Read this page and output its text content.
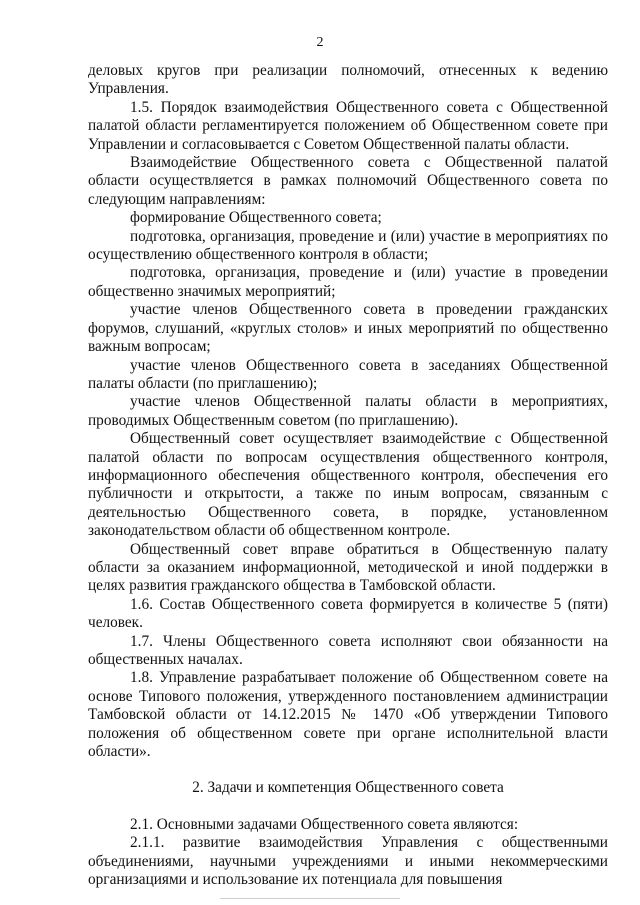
2

деловых кругов при реализации полномочий, отнесенных к ведению Управления.

1.5. Порядок взаимодействия Общественного совета с Общественной палатой области регламентируется положением об Общественном совете при Управлении и согласовывается с Советом Общественной палаты области.

Взаимодействие Общественного совета с Общественной палатой области осуществляется в рамках полномочий Общественного совета по следующим направлениям:

формирование Общественного совета;

подготовка, организация, проведение и (или) участие в мероприятиях по осуществлению общественного контроля в области;

подготовка, организация, проведение и (или) участие в проведении общественно значимых мероприятий;

участие членов Общественного совета в проведении гражданских форумов, слушаний, «круглых столов» и иных мероприятий по общественно важным вопросам;

участие членов Общественного совета в заседаниях Общественной палаты области (по приглашению);

участие членов Общественной палаты области в мероприятиях, проводимых Общественным советом (по приглашению).

Общественный совет осуществляет взаимодействие с Общественной палатой области по вопросам осуществления общественного контроля, информационного обеспечения общественного контроля, обеспечения его публичности и открытости, а также по иным вопросам, связанным с деятельностью Общественного совета, в порядке, установленном законодательством области об общественном контроле.

Общественный совет вправе обратиться в Общественную палату области за оказанием информационной, методической и иной поддержки в целях развития гражданского общества в Тамбовской области.

1.6. Состав Общественного совета формируется в количестве 5 (пяти) человек.

1.7. Члены Общественного совета исполняют свои обязанности на общественных началах.

1.8. Управление разрабатывает положение об Общественном совете на основе Типового положения, утвержденного постановлением администрации Тамбовской области от 14.12.2015 № 1470 «Об утверждении Типового положения об общественном совете при органе исполнительной власти области».

2. Задачи и компетенция Общественного совета

2.1. Основными задачами Общественного совета являются:

2.1.1. развитие взаимодействия Управления с общественными объединениями, научными учреждениями и иными некоммерческими организациями и использование их потенциала для повышения
